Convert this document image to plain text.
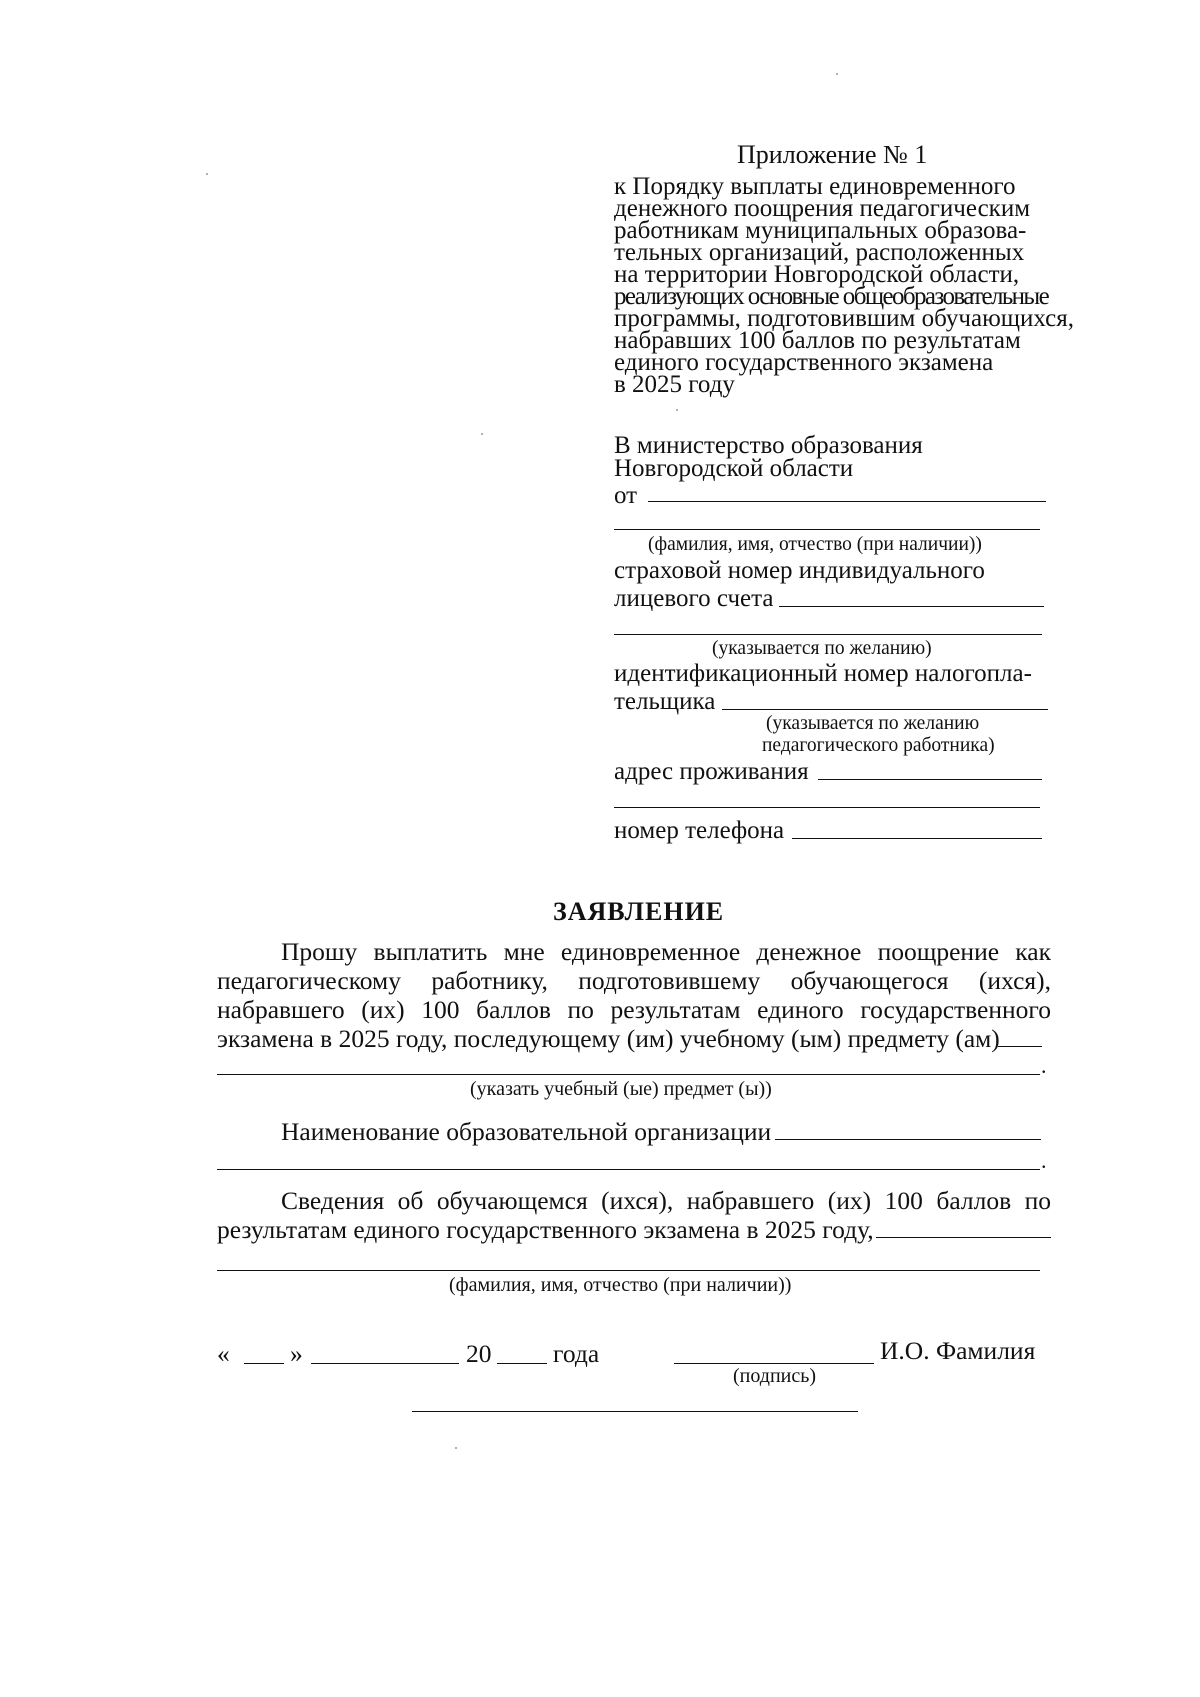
Приложение № 1
к Порядку выплаты единовременного
денежного поощрения педагогическим
работникам муниципальных образова-
тельных организаций, расположенных
на территории Новгородской области,
реализующих основные общеобразовательные
программы, подготовившим обучающихся,
набравших 100 баллов по результатам
единого государственного экзамена
в 2025 году
В министерство образования
Новгородской области
от
(фамилия, имя, отчество (при наличии))
страховой номер индивидуального
лицевого счета
(указывается по желанию)
идентификационный номер налогопла-
тельщика
(указывается по желанию
педагогического работника)
адрес проживания
номер телефона
ЗАЯВЛЕНИЕ
Прошу выплатить мне единовременное денежное поощрение как
педагогическому работнику, подготовившему обучающегося (ихся),
набравшего (их) 100 баллов по результатам единого государственного
экзамена в 2025 году, последующему (им) учебному (ым) предмету (ам)
.
(указать учебный (ые) предмет (ы))
Наименование образовательной организации
.
Сведения об обучающемся (ихся), набравшего (их) 100 баллов по
результатам единого государственного экзамена в 2025 году,
(фамилия, имя, отчество (при наличии))
« »	20 года	И.О. Фамилия
(подпись)
